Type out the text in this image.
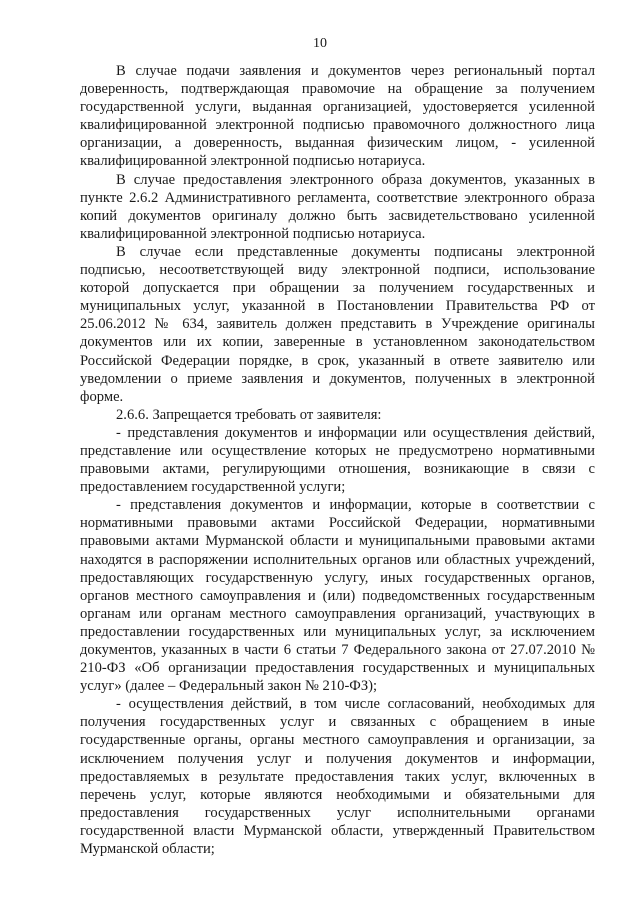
10

В случае подачи заявления и документов через региональный портал доверенность, подтверждающая правомочие на обращение за получением государственной услуги, выданная организацией, удостоверяется усиленной квалифицированной электронной подписью правомочного должностного лица организации, а доверенность, выданная физическим лицом, - усиленной квалифицированной электронной подписью нотариуса.

В случае предоставления электронного образа документов, указанных в пункте 2.6.2 Административного регламента, соответствие электронного образа копий документов оригиналу должно быть засвидетельствовано усиленной квалифицированной электронной подписью нотариуса.

В случае если представленные документы подписаны электронной подписью, несоответствующей виду электронной подписи, использование которой допускается при обращении за получением государственных и муниципальных услуг, указанной в Постановлении Правительства РФ от 25.06.2012 № 634, заявитель должен представить в Учреждение оригиналы документов или их копии, заверенные в установленном законодательством Российской Федерации порядке, в срок, указанный в ответе заявителю или уведомлении о приеме заявления и документов, полученных в электронной форме.

2.6.6. Запрещается требовать от заявителя:

- представления документов и информации или осуществления действий, представление или осуществление которых не предусмотрено нормативными правовыми актами, регулирующими отношения, возникающие в связи с предоставлением государственной услуги;

- представления документов и информации, которые в соответствии с нормативными правовыми актами Российской Федерации, нормативными правовыми актами Мурманской области и муниципальными правовыми актами находятся в распоряжении исполнительных органов или областных учреждений, предоставляющих государственную услугу, иных государственных органов, органов местного самоуправления и (или) подведомственных государственным органам или органам местного самоуправления организаций, участвующих в предоставлении государственных или муниципальных услуг, за исключением документов, указанных в части 6 статьи 7 Федерального закона от 27.07.2010 № 210-ФЗ «Об организации предоставления государственных и муниципальных услуг» (далее – Федеральный закон № 210-ФЗ);

- осуществления действий, в том числе согласований, необходимых для получения государственных услуг и связанных с обращением в иные государственные органы, органы местного самоуправления и организации, за исключением получения услуг и получения документов и информации, предоставляемых в результате предоставления таких услуг, включенных в перечень услуг, которые являются необходимыми и обязательными для предоставления государственных услуг исполнительными органами государственной власти Мурманской области, утвержденный Правительством Мурманской области;
